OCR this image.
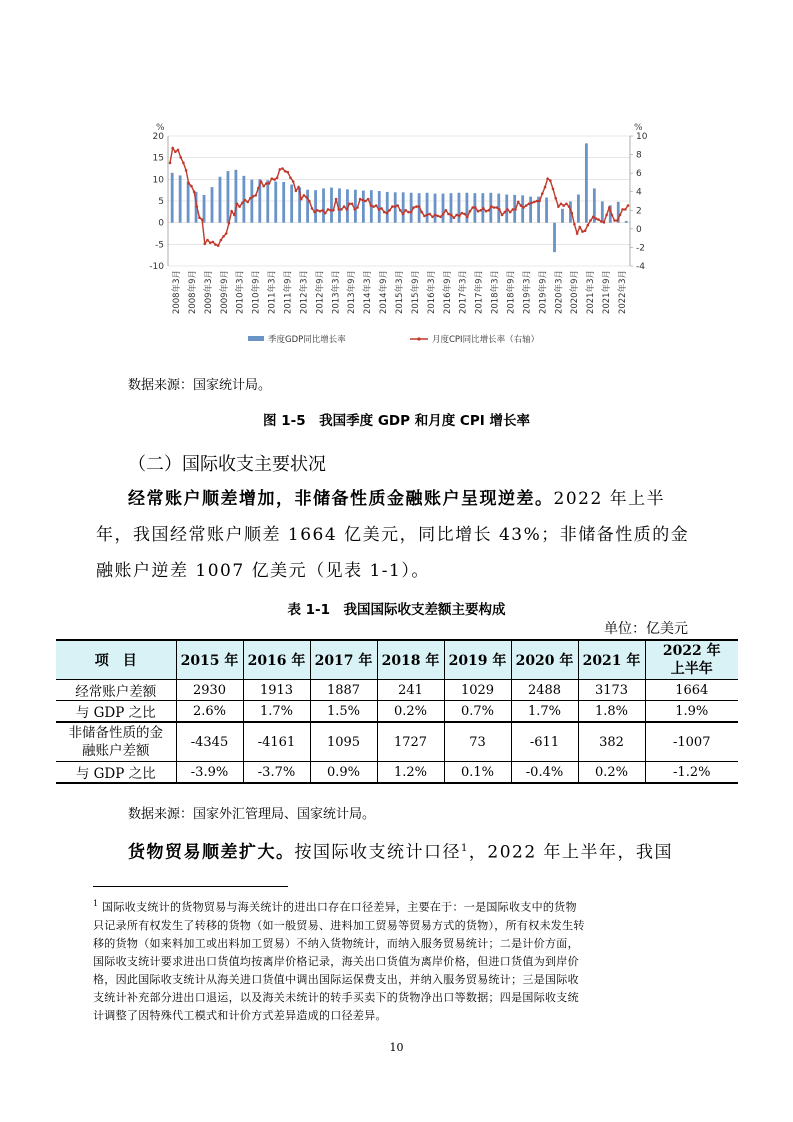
%	%
20
15
10
5
0
-5
-10
10
8
6
4
2
0
-2
-4
2008年3月 2008年9月 2009年3月 2009年9月 2010年3月 2010年9月 2011年3月 2011年9月 2012年3月 2012年9月 2013年3月 2013年9月 2014年3月 2014年9月 2015年3月 2015年9月 2016年3月 2016年9月 2017年3月 2017年9月 2018年3月 2018年9月 2019年3月 2019年9月 2020年3月 2020年9月 2021年3月 2021年9月 2022年3月
季度GDP同比增长率	月度CPI同比增长率（右轴）
数据来源：国家统计局。
图 1-5　我国季度 GDP 和月度 CPI 增长率
（二）国际收支主要状况
经常账户顺差增加，非储备性质金融账户呈现逆差。2022 年上半
年，我国经常账户顺差 1664 亿美元，同比增长 43%；非储备性质的金
融账户逆差 1007 亿美元（见表 1-1）。
表 1-1　我国国际收支差额主要构成
单位：亿美元
项　目	2015 年	2016 年	2017 年	2018 年	2019 年	2020 年	2021 年	2022 年
上半年
经常账户差额	2930	1913	1887	241	1029	2488	3173	1664
与 GDP 之比	2.6%	1.7%	1.5%	0.2%	0.7%	1.7%	1.8%	1.9%
非储备性质的金
融账户差额	-4345	-4161	1095	1727	73	-611	382	-1007
与 GDP 之比	-3.9%	-3.7%	0.9%	1.2%	0.1%	-0.4%	0.2%	-1.2%
数据来源：国家外汇管理局、国家统计局。
货物贸易顺差扩大。按国际收支统计口径$^1$，2022 年上半年，我国
$^1$ 国际收支统计的货物贸易与海关统计的进出口存在口径差异，主要在于：一是国际收支中的货物
只记录所有权发生了转移的货物（如一般贸易、进料加工贸易等贸易方式的货物），所有权未发生转
移的货物（如来料加工或出料加工贸易）不纳入货物统计，而纳入服务贸易统计；二是计价方面，
国际收支统计要求进出口货值均按离岸价格记录，海关出口货值为离岸价格，但进口货值为到岸价
格，因此国际收支统计从海关进口货值中调出国际运保费支出，并纳入服务贸易统计；三是国际收
支统计补充部分进出口退运，以及海关未统计的转手买卖下的货物净出口等数据；四是国际收支统
计调整了因特殊代工模式和计价方式差异造成的口径差异。
10
